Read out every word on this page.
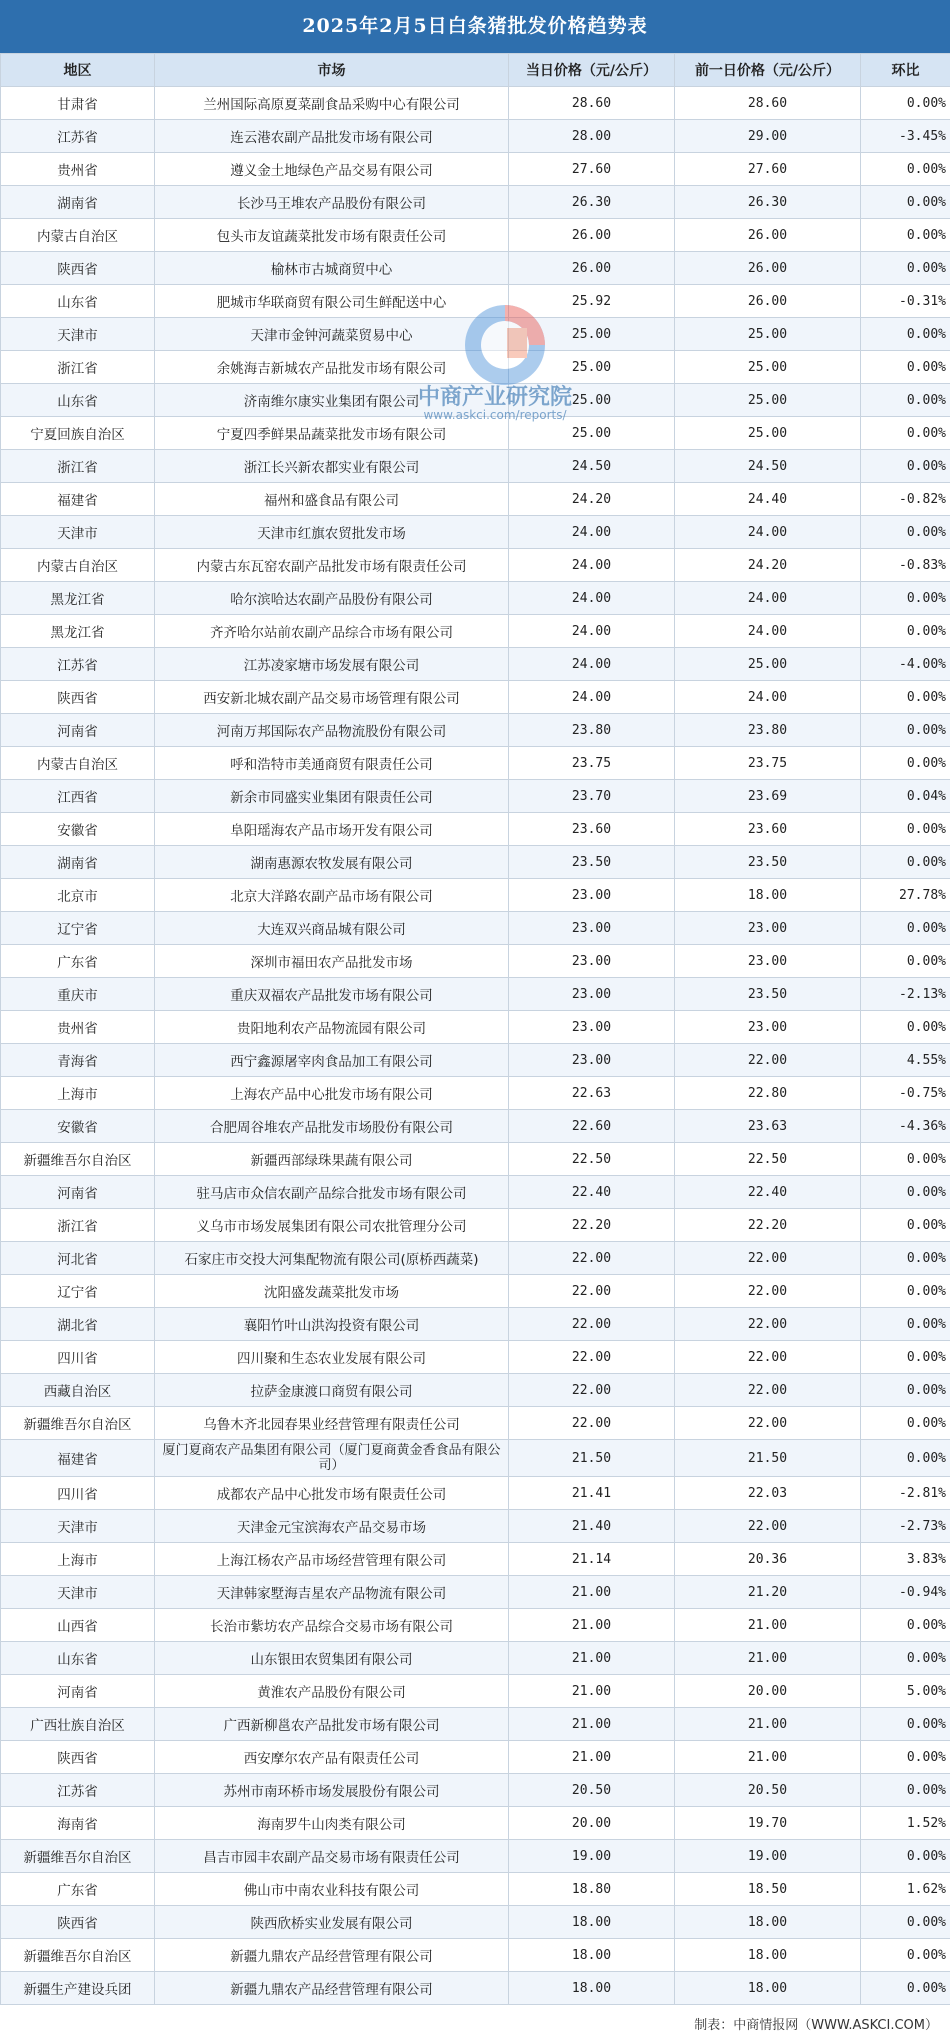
2025年2月5日白条猪批发价格趋势表
地区	市场	当日价格（元/公斤）	前一日价格（元/公斤）	环比
甘肃省	兰州国际高原夏菜副食品采购中心有限公司	28.60	28.60	0.00%
江苏省	连云港农副产品批发市场有限公司	28.00	29.00	-3.45%
贵州省	遵义金土地绿色产品交易有限公司	27.60	27.60	0.00%
湖南省	长沙马王堆农产品股份有限公司	26.30	26.30	0.00%
内蒙古自治区	包头市友谊蔬菜批发市场有限责任公司	26.00	26.00	0.00%
陕西省	榆林市古城商贸中心	26.00	26.00	0.00%
山东省	肥城市华联商贸有限公司生鲜配送中心	25.92	26.00	-0.31%
天津市	天津市金钟河蔬菜贸易中心	25.00	25.00	0.00%
浙江省	余姚海吉新城农产品批发市场有限公司	25.00	25.00	0.00%
山东省	济南维尔康实业集团有限公司	25.00	25.00	0.00%
宁夏回族自治区	宁夏四季鲜果品蔬菜批发市场有限公司	25.00	25.00	0.00%
浙江省	浙江长兴新农都实业有限公司	24.50	24.50	0.00%
福建省	福州和盛食品有限公司	24.20	24.40	-0.82%
天津市	天津市红旗农贸批发市场	24.00	24.00	0.00%
内蒙古自治区	内蒙古东瓦窑农副产品批发市场有限责任公司	24.00	24.20	-0.83%
黑龙江省	哈尔滨哈达农副产品股份有限公司	24.00	24.00	0.00%
黑龙江省	齐齐哈尔站前农副产品综合市场有限公司	24.00	24.00	0.00%
江苏省	江苏凌家塘市场发展有限公司	24.00	25.00	-4.00%
陕西省	西安新北城农副产品交易市场管理有限公司	24.00	24.00	0.00%
河南省	河南万邦国际农产品物流股份有限公司	23.80	23.80	0.00%
内蒙古自治区	呼和浩特市美通商贸有限责任公司	23.75	23.75	0.00%
江西省	新余市同盛实业集团有限责任公司	23.70	23.69	0.04%
安徽省	阜阳瑶海农产品市场开发有限公司	23.60	23.60	0.00%
湖南省	湖南惠源农牧发展有限公司	23.50	23.50	0.00%
北京市	北京大洋路农副产品市场有限公司	23.00	18.00	27.78%
辽宁省	大连双兴商品城有限公司	23.00	23.00	0.00%
广东省	深圳市福田农产品批发市场	23.00	23.00	0.00%
重庆市	重庆双福农产品批发市场有限公司	23.00	23.50	-2.13%
贵州省	贵阳地利农产品物流园有限公司	23.00	23.00	0.00%
青海省	西宁鑫源屠宰肉食品加工有限公司	23.00	22.00	4.55%
上海市	上海农产品中心批发市场有限公司	22.63	22.80	-0.75%
安徽省	合肥周谷堆农产品批发市场股份有限公司	22.60	23.63	-4.36%
新疆维吾尔自治区	新疆西部绿珠果蔬有限公司	22.50	22.50	0.00%
河南省	驻马店市众信农副产品综合批发市场有限公司	22.40	22.40	0.00%
浙江省	义乌市市场发展集团有限公司农批管理分公司	22.20	22.20	0.00%
河北省	石家庄市交投大河集配物流有限公司(原桥西蔬菜)	22.00	22.00	0.00%
辽宁省	沈阳盛发蔬菜批发市场	22.00	22.00	0.00%
湖北省	襄阳竹叶山洪沟投资有限公司	22.00	22.00	0.00%
四川省	四川聚和生态农业发展有限公司	22.00	22.00	0.00%
西藏自治区	拉萨金康渡口商贸有限公司	22.00	22.00	0.00%
新疆维吾尔自治区	乌鲁木齐北园春果业经营管理有限责任公司	22.00	22.00	0.00%
福建省	厦门夏商农产品集团有限公司（厦门夏商黄金香食品有限公司）	21.50	21.50	0.00%
四川省	成都农产品中心批发市场有限责任公司	21.41	22.03	-2.81%
天津市	天津金元宝滨海农产品交易市场	21.40	22.00	-2.73%
上海市	上海江杨农产品市场经营管理有限公司	21.14	20.36	3.83%
天津市	天津韩家墅海吉星农产品物流有限公司	21.00	21.20	-0.94%
山西省	长治市紫坊农产品综合交易市场有限公司	21.00	21.00	0.00%
山东省	山东银田农贸集团有限公司	21.00	21.00	0.00%
河南省	黄淮农产品股份有限公司	21.00	20.00	5.00%
广西壮族自治区	广西新柳邕农产品批发市场有限公司	21.00	21.00	0.00%
陕西省	西安摩尔农产品有限责任公司	21.00	21.00	0.00%
江苏省	苏州市南环桥市场发展股份有限公司	20.50	20.50	0.00%
海南省	海南罗牛山肉类有限公司	20.00	19.70	1.52%
新疆维吾尔自治区	昌吉市园丰农副产品交易市场有限责任公司	19.00	19.00	0.00%
广东省	佛山市中南农业科技有限公司	18.80	18.50	1.62%
陕西省	陕西欣桥实业发展有限公司	18.00	18.00	0.00%
新疆维吾尔自治区	新疆九鼎农产品经营管理有限公司	18.00	18.00	0.00%
新疆生产建设兵团	新疆九鼎农产品经营管理有限公司	18.00	18.00	0.00%
中商产业研究院
www.askci.com/reports/
制表：中商情报网（WWW.ASKCI.COM）
